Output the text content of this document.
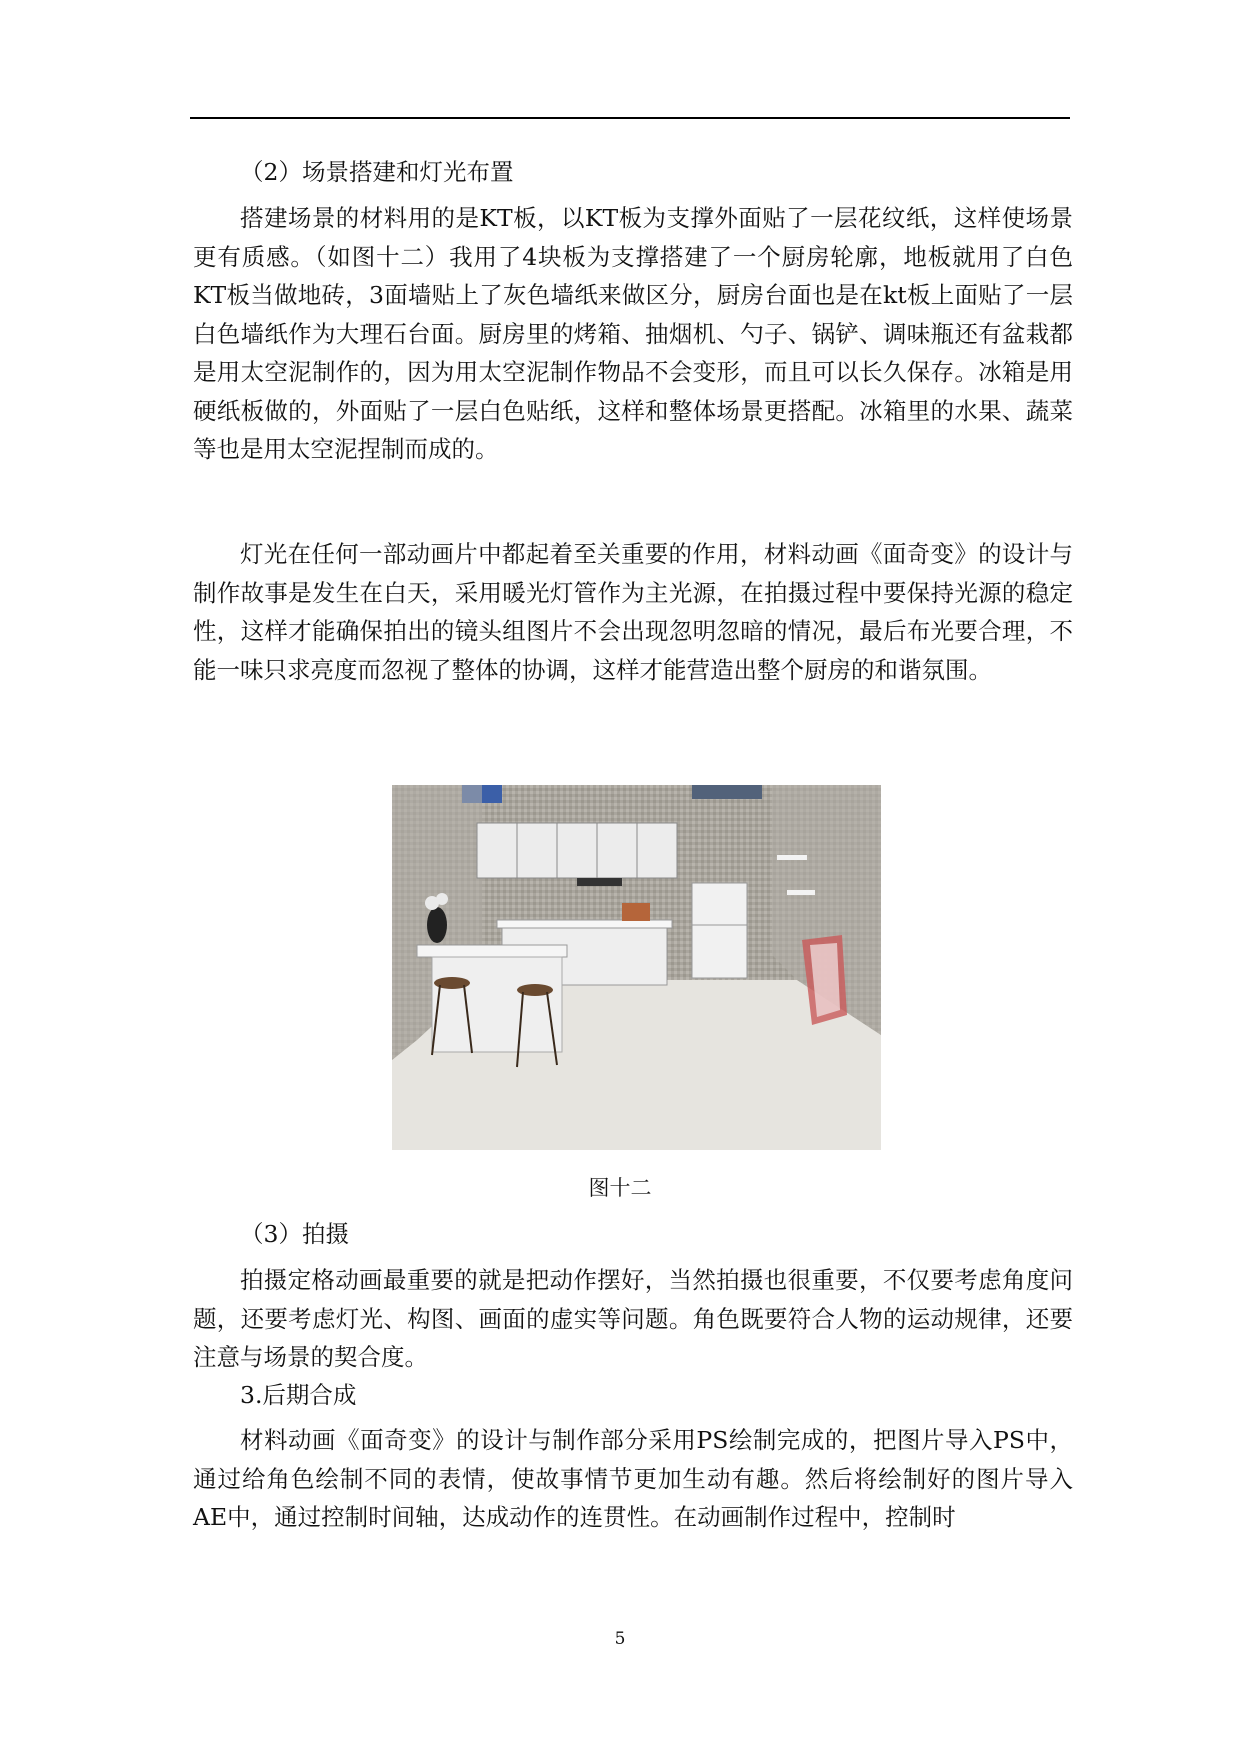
（2）场景搭建和灯光布置

搭建场景的材料用的是KT板，以KT板为支撑外面贴了一层花纹纸，这样使场景更有质感。（如图十二）我用了4块板为支撑搭建了一个厨房轮廓，地板就用了白色KT板当做地砖，3面墙贴上了灰色墙纸来做区分，厨房台面也是在kt板上面贴了一层白色墙纸作为大理石台面。厨房里的烤箱、抽烟机、勺子、锅铲、调味瓶还有盆栽都是用太空泥制作的，因为用太空泥制作物品不会变形，而且可以长久保存。冰箱是用硬纸板做的，外面贴了一层白色贴纸，这样和整体场景更搭配。冰箱里的水果、蔬菜等也是用太空泥捏制而成的。

灯光在任何一部动画片中都起着至关重要的作用，材料动画《面奇变》的设计与制作故事是发生在白天，采用暖光灯管作为主光源，在拍摄过程中要保持光源的稳定性，这样才能确保拍出的镜头组图片不会出现忽明忽暗的情况，最后布光要合理，不能一味只求亮度而忽视了整体的协调，这样才能营造出整个厨房的和谐氛围。

图十二

（3）拍摄

拍摄定格动画最重要的就是把动作摆好，当然拍摄也很重要，不仅要考虑角度问题，还要考虑灯光、构图、画面的虚实等问题。角色既要符合人物的运动规律，还要注意与场景的契合度。

3.后期合成

材料动画《面奇变》的设计与制作部分采用PS绘制完成的，把图片导入PS中，通过给角色绘制不同的表情，使故事情节更加生动有趣。然后将绘制好的图片导入AE中，通过控制时间轴，达成动作的连贯性。在动画制作过程中，控制时

5
